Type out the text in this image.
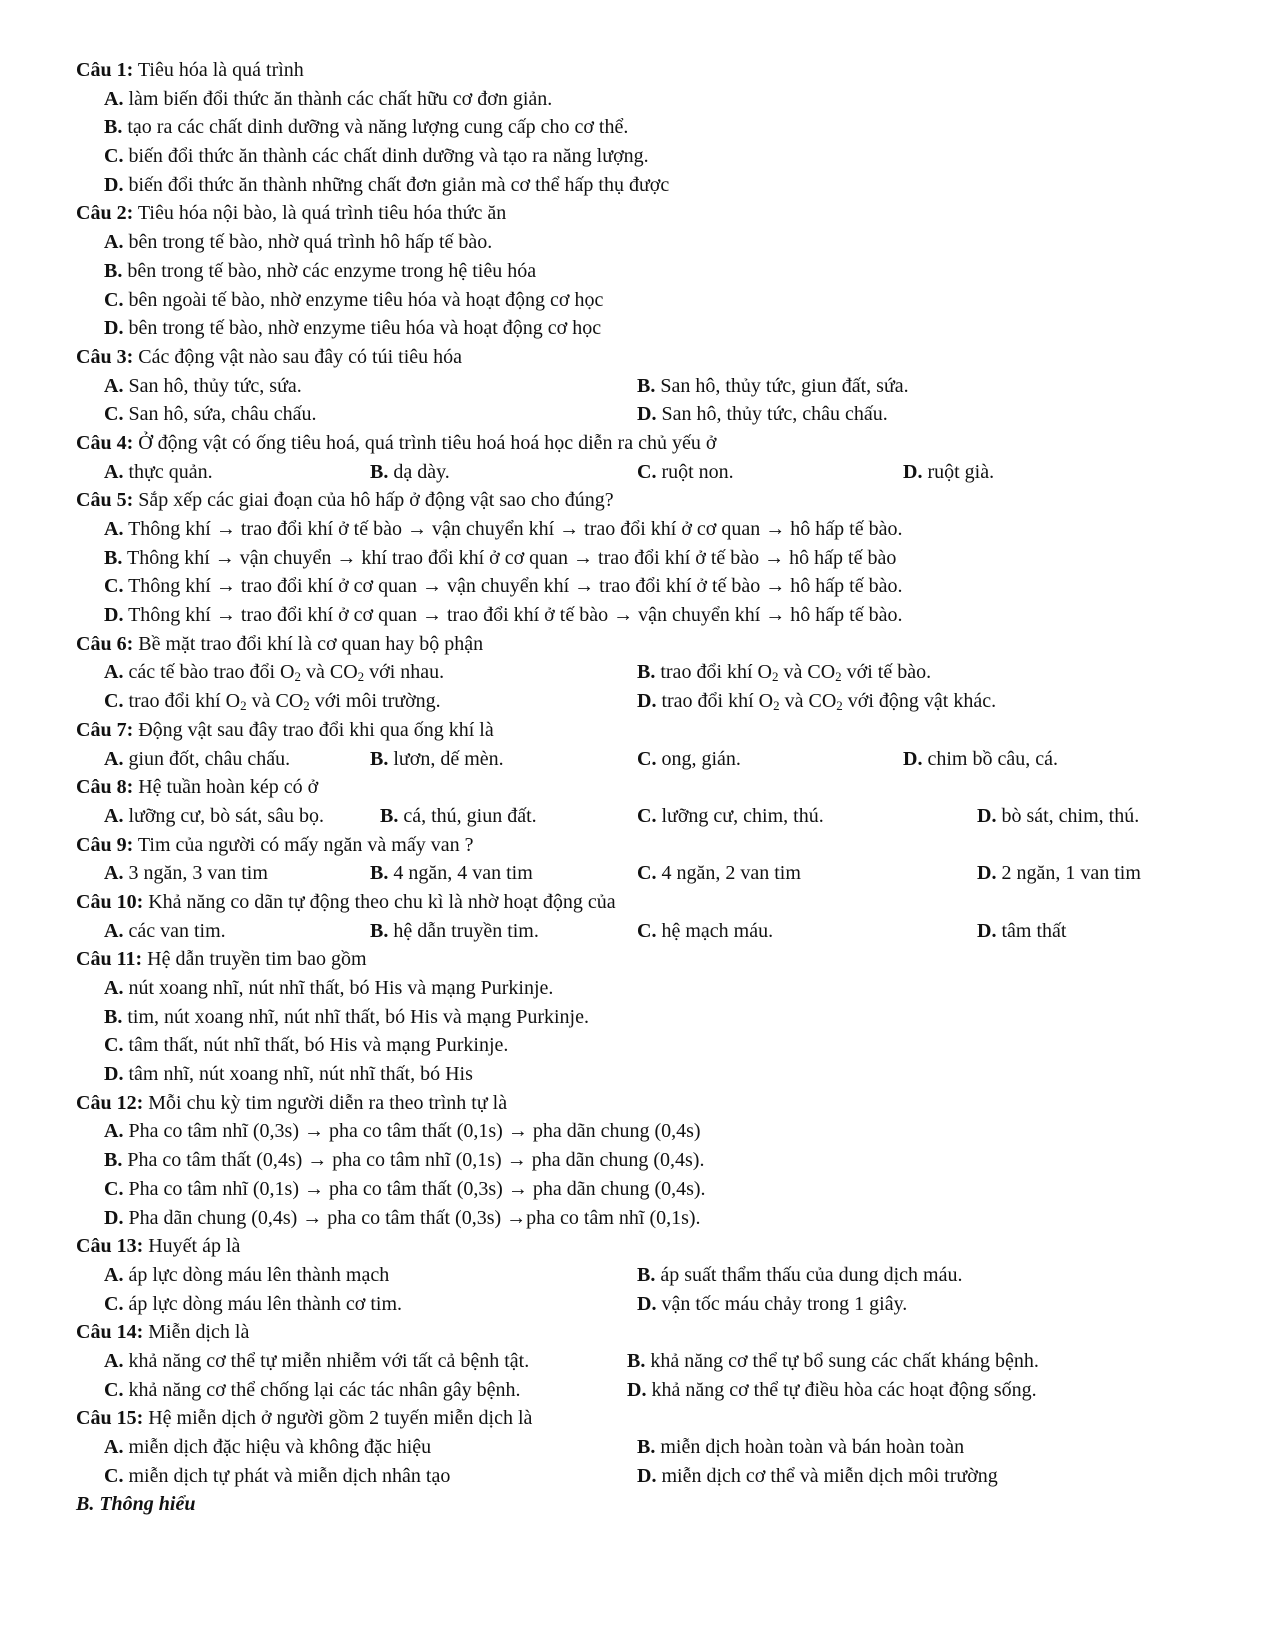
Câu 1: Tiêu hóa là quá trình
A. làm biến đổi thức ăn thành các chất hữu cơ đơn giản.
B. tạo ra các chất dinh dưỡng và năng lượng cung cấp cho cơ thể.
C. biến đổi thức ăn thành các chất dinh dưỡng và tạo ra năng lượng.
D. biến đổi thức ăn thành những chất đơn giản mà cơ thể hấp thụ được
Câu 2: Tiêu hóa nội bào, là quá trình tiêu hóa thức ăn
A. bên trong tế bào, nhờ quá trình hô hấp tế bào.
B. bên trong tế bào, nhờ các enzyme trong hệ tiêu hóa
C. bên ngoài tế bào, nhờ enzyme tiêu hóa và hoạt động cơ học
D. bên trong tế bào, nhờ enzyme tiêu hóa và hoạt động cơ học
Câu 3: Các động vật nào sau đây có túi tiêu hóa
A. San hô, thủy tức, sứa.	B. San hô, thủy tức, giun đất, sứa.
C. San hô, sứa, châu chấu.	D. San hô, thủy tức, châu chấu.
Câu 4: Ở động vật có ống tiêu hoá, quá trình tiêu hoá hoá học diễn ra chủ yếu ở
A. thực quản.	B. dạ dày.	C. ruột non.	D. ruột già.
Câu 5: Sắp xếp các giai đoạn của hô hấp ở động vật sao cho đúng?
A. Thông khí → trao đổi khí ở tế bào → vận chuyển khí → trao đổi khí ở cơ quan → hô hấp tế bào.
B. Thông khí → vận chuyển → khí trao đổi khí ở cơ quan → trao đổi khí ở tế bào → hô hấp tế bào
C. Thông khí → trao đổi khí ở cơ quan → vận chuyển khí → trao đổi khí ở tế bào → hô hấp tế bào.
D. Thông khí → trao đổi khí ở cơ quan → trao đổi khí ở tế bào → vận chuyển khí → hô hấp tế bào.
Câu 6: Bề mặt trao đổi khí là cơ quan hay bộ phận
A. các tế bào trao đổi $O_2$ và $CO_2$ với nhau.	B. trao đổi khí $O_2$ và $CO_2$ với tế bào.
C. trao đổi khí $O_2$ và $CO_2$ với môi trường.	D. trao đổi khí $O_2$ và $CO_2$ với động vật khác.
Câu 7: Động vật sau đây trao đổi khi qua ống khí là
A. giun đốt, châu chấu.	B. lươn, dế mèn.	C. ong, gián.	D. chim bồ câu, cá.
Câu 8: Hệ tuần hoàn kép có ở
A. lưỡng cư, bò sát, sâu bọ.	B. cá, thú, giun đất.	C. lưỡng cư, chim, thú.	D. bò sát, chim, thú.
Câu 9: Tim của người có mấy ngăn và mấy van ?
A. 3 ngăn, 3 van tim	B. 4 ngăn, 4 van tim	C. 4 ngăn, 2 van tim	D. 2 ngăn, 1 van tim
Câu 10: Khả năng co dãn tự động theo chu kì là nhờ hoạt động của
A. các van tim.	B. hệ dẫn truyền tim.	C. hệ mạch máu.	D. tâm thất
Câu 11: Hệ dẫn truyền tim bao gồm
A. nút xoang nhĩ, nút nhĩ thất, bó His và mạng Purkinje.
B. tim, nút xoang nhĩ, nút nhĩ thất, bó His và mạng Purkinje.
C. tâm thất, nút nhĩ thất, bó His và mạng Purkinje.
D. tâm nhĩ, nút xoang nhĩ, nút nhĩ thất, bó His
Câu 12: Mỗi chu kỳ tim người diễn ra theo trình tự là
A. Pha co tâm nhĩ (0,3s) → pha co tâm thất (0,1s) → pha dãn chung (0,4s)
B. Pha co tâm thất (0,4s) → pha co tâm nhĩ (0,1s) → pha dãn chung (0,4s).
C. Pha co tâm nhĩ (0,1s) → pha co tâm thất (0,3s) → pha dãn chung (0,4s).
D. Pha dãn chung (0,4s) → pha co tâm thất (0,3s) →pha co tâm nhĩ (0,1s).
Câu 13: Huyết áp là
A. áp lực dòng máu lên thành mạch	B. áp suất thẩm thấu của dung dịch máu.
C. áp lực dòng máu lên thành cơ tim.	D. vận tốc máu chảy trong 1 giây.
Câu 14: Miễn dịch là
A. khả năng cơ thể tự miễn nhiễm với tất cả bệnh tật.	B. khả năng cơ thể tự bổ sung các chất kháng bệnh.
C. khả năng cơ thể chống lại các tác nhân gây bệnh.	D. khả năng cơ thể tự điều hòa các hoạt động sống.
Câu 15: Hệ miễn dịch ở người gồm 2 tuyến miễn dịch là
A. miễn dịch đặc hiệu và không đặc hiệu	B. miễn dịch hoàn toàn và bán hoàn toàn
C. miễn dịch tự phát và miễn dịch nhân tạo	D. miễn dịch cơ thể và miễn dịch môi trường
B. Thông hiểu
